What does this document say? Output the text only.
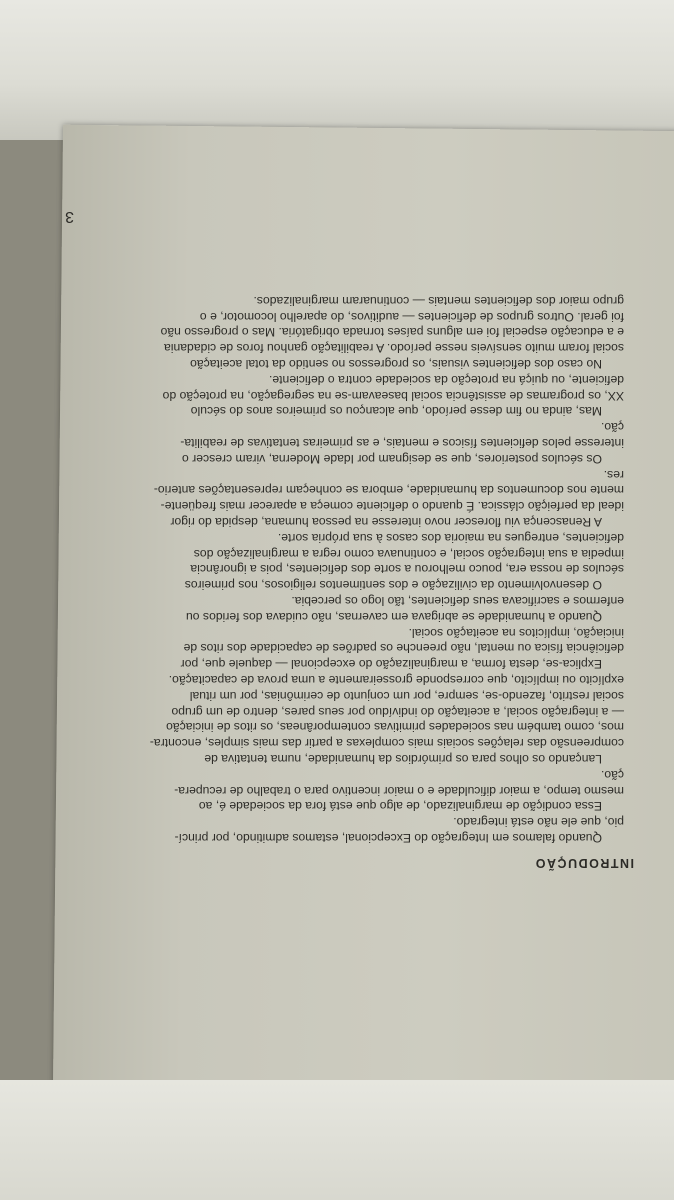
3
INTRODUÇÃO
Quando falamos em Integração do Excepcional, estamos admitindo, por princí-
pio, que ele não está integrado.
Essa condição de marginalizado, de algo que está fora da sociedade é, ao
mesmo tempo, a maior dificuldade e o maior incentivo para o trabalho de recupera-
ção.
Lançando os olhos para os primórdios da humanidade, numa tentativa de
compreensão das relações sociais mais complexas a partir das mais simples, encontra-
mos, como também nas sociedades primitivas contemporâneas, os ritos de iniciação
— a integração social, a aceitação do indivíduo por seus pares, dentro de um grupo
social restrito, fazendo-se, sempre, por um conjunto de cerimônias, por um ritual
explícito ou implícito, que corresponde grosseiramente a uma prova de capacitação.
Explica-se, desta forma, a marginalização do excepcional — daquele que, por
deficiência física ou mental, não preenche os padrões de capacidade dos ritos de
iniciação, implícitos na aceitação social.
Quando a humanidade se abrigava em cavernas, não cuidava dos feridos ou
enfermos e sacrificava seus deficientes, tão logo os percebia.
O desenvolvimento da civilização e dos sentimentos religiosos, nos primeiros
séculos de nossa era, pouco melhorou a sorte dos deficientes, pois a ignorância
impedia a sua integração social, e continuava como regra a marginalização dos
deficientes, entregues na maioria dos casos à sua própria sorte.
A Renascença viu florescer novo interesse na pessoa humana, despida do rigor
ideal da perfeição clássica. É quando o deficiente começa a aparecer mais freqüente-
mente nos documentos da humanidade, embora se conheçam representações anterio-
res.
Os séculos posteriores, que se designam por Idade Moderna, viram crescer o
interesse pelos deficientes físicos e mentais, e as primeiras tentativas de reabilita-
ção.
Mas, ainda no fim desse período, que alcançou os primeiros anos do século
XX, os programas de assistência social baseavam-se na segregação, na proteção do
deficiente, ou quiçá na proteção da sociedade contra o deficiente.
No caso dos deficientes visuais, os progressos no sentido da total aceitação
social foram muito sensíveis nesse período. A reabilitação ganhou foros de cidadania
e a educação especial foi em alguns países tornada obrigatória. Mas o progresso não
foi geral. Outros grupos de deficientes — auditivos, do aparelho locomotor, e o
grupo maior dos deficientes mentais — continuaram marginalizados.
